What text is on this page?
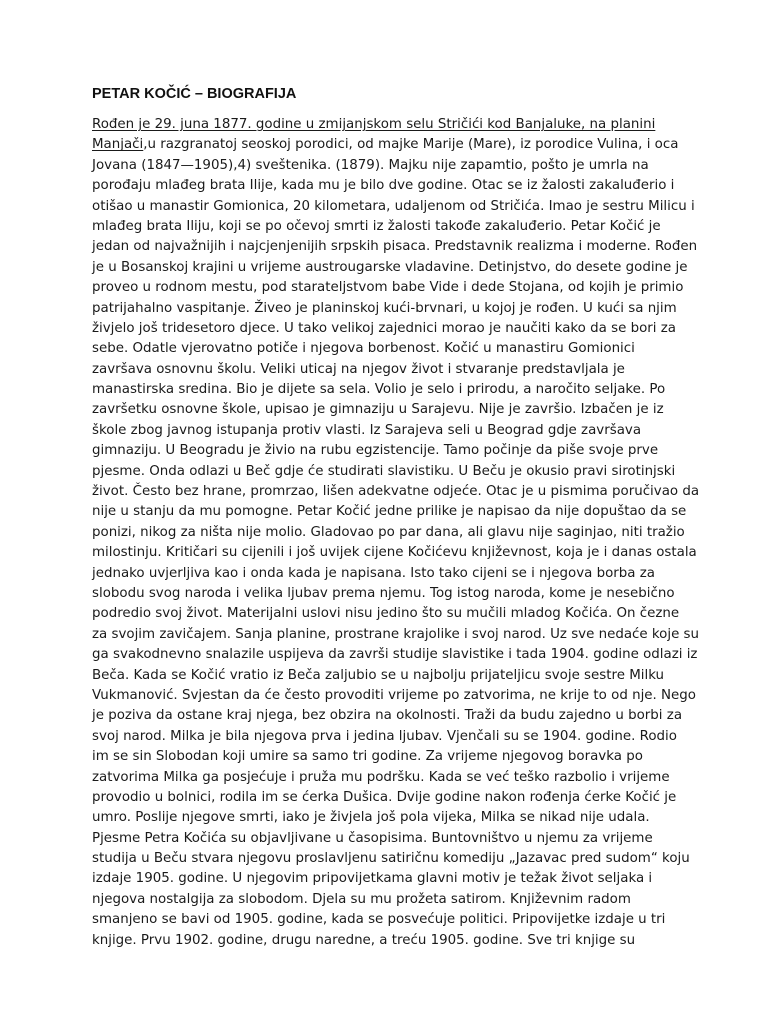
PETAR KOČIĆ – BIOGRAFIJA
Rođen je 29. juna 1877. godine u zmijanjskom selu Stričići kod Banjaluke, na planini
Manjači,u razgranatoj seoskoj porodici, od majke Marije (Mare), iz porodice Vulina, i oca
Jovana (1847—1905),4) sveštenika. (1879). Majku nije zapamtio, pošto je umrla na
porođaju mlađeg brata Ilije, kada mu je bilo dve godine. Otac se iz žalosti zakaluđerio i
otišao u manastir Gomionica, 20 kilometara, udaljenom od Stričića. Imao je sestru Milicu i
mlađeg brata Iliju, koji se po očevoj smrti iz žalosti takođe zakaluđerio. Petar Kočić je
jedan od najvažnijih i najcjenjenijih srpskih pisaca. Predstavnik realizma i moderne. Rođen
je u Bosanskoj krajini u vrijeme austrougarske vladavine. Detinjstvo, do desete godine je
proveo u rodnom mestu, pod starateljstvom babe Vide i dede Stojana, od kojih je primio
patrijahalno vaspitanje. Živeo je planinskoj kući-brvnari, u kojoj je rođen. U kući sa njim
živjelo još tridesetoro djece. U tako velikoj zajednici morao je naučiti kako da se bori za
sebe. Odatle vjerovatno potiče i njegova borbenost. Kočić u manastiru Gomionici
završava osnovnu školu. Veliki uticaj na njegov život i stvaranje predstavljala je
manastirska sredina. Bio je dijete sa sela. Volio je selo i prirodu, a naročito seljake. Po
završetku osnovne škole, upisao je gimnaziju u Sarajevu. Nije je završio. Izbačen je iz
škole zbog javnog istupanja protiv vlasti. Iz Sarajeva seli u Beograd gdje završava
gimnaziju. U Beogradu je živio na rubu egzistencije. Tamo počinje da piše svoje prve
pjesme. Onda odlazi u Beč gdje će studirati slavistiku. U Beču je okusio pravi sirotinjski
život. Često bez hrane, promrzao, lišen adekvatne odjeće. Otac je u pismima poručivao da
nije u stanju da mu pomogne. Petar Kočić jedne prilike je napisao da nije dopuštao da se
ponizi, nikog za ništa nije molio. Gladovao po par dana, ali glavu nije saginjao, niti tražio
milostinju. Kritičari su cijenili i još uvijek cijene Kočićevu književnost, koja je i danas ostala
jednako uvjerljiva kao i onda kada je napisana. Isto tako cijeni se i njegova borba za
slobodu svog naroda i velika ljubav prema njemu. Tog istog naroda, kome je nesebično
podredio svoj život. Materijalni uslovi nisu jedino što su mučili mladog Kočića. On čezne
za svojim zavičajem. Sanja planine, prostrane krajolike i svoj narod. Uz sve nedaće koje su
ga svakodnevno snalazile uspijeva da završi studije slavistike i tada 1904. godine odlazi iz
Beča. Kada se Kočić vratio iz Beča zaljubio se u najbolju prijateljicu svoje sestre Milku
Vukmanović. Svjestan da će često provoditi vrijeme po zatvorima, ne krije to od nje. Nego
je poziva da ostane kraj njega, bez obzira na okolnosti. Traži da budu zajedno u borbi za
svoj narod. Milka je bila njegova prva i jedina ljubav. Vjenčali su se 1904. godine. Rodio
im se sin Slobodan koji umire sa samo tri godine. Za vrijeme njegovog boravka po
zatvorima Milka ga posjećuje i pruža mu podršku. Kada se već teško razbolio i vrijeme
provodio u bolnici, rodila im se ćerka Dušica. Dvije godine nakon rođenja ćerke Kočić je
umro. Poslije njegove smrti, iako je živjela još pola vijeka, Milka se nikad nije udala.
Pjesme Petra Kočića su objavljivane u časopisima. Buntovništvo u njemu za vrijeme
studija u Beču stvara njegovu proslavljenu satiričnu komediju „Jazavac pred sudom“ koju
izdaje 1905. godine. U njegovim pripovijetkama glavni motiv je težak život seljaka i
njegova nostalgija za slobodom. Djela su mu prožeta satirom. Književnim radom
smanjeno se bavi od 1905. godine, kada se posvećuje politici. Pripovijetke izdaje u tri
knjige. Prvu 1902. godine, drugu naredne, a treću 1905. godine. Sve tri knjige su
